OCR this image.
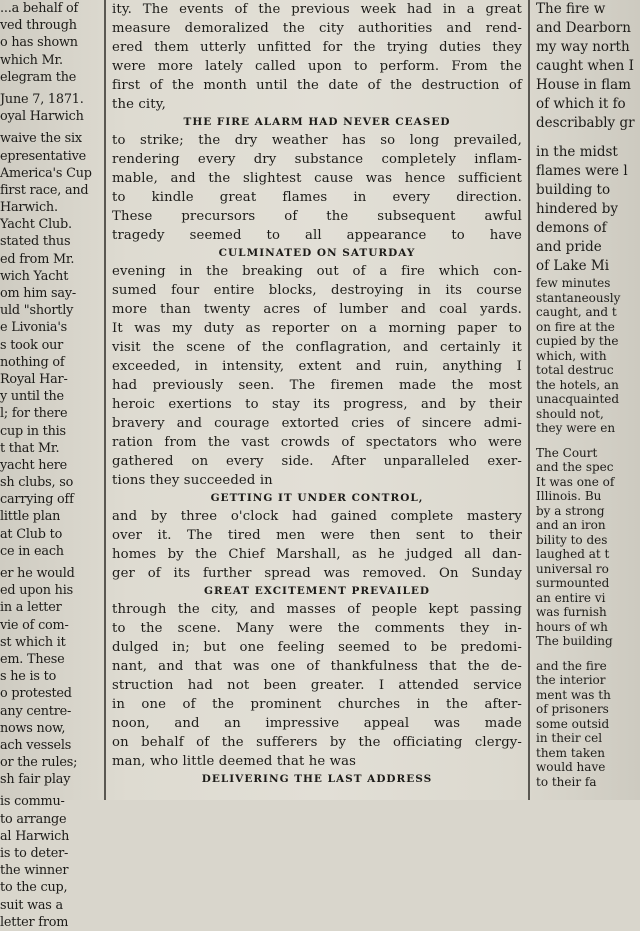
...a behalf of
ved through
o has shown
which Mr.
elegram the
June 7, 1871.
oyal Harwich
waive the six
epresentative
America's Cup
first race, and
Harwich.
Yacht Club.
stated thus
ed from Mr.
wich Yacht
om him say-
uld "shortly
e Livonia's
s took our
nothing of
Royal Har-
y until the
l; for there
cup in this
t that Mr.
yacht here
sh clubs, so
carrying off
little plan
at Club to
ce in each
er he would
ed upon his
in a letter
vie of com-
st which it
em. These
s he is to
o protested
any centre-
nows now,
ach vessels
or the rules;
sh fair play
is commu-
to arrange
al Harwich
is to deter-
the winner
to the cup,
suit was a
letter from
ity. The events of the previous week had in a great
measure demoralized the city authorities and rend-
ered them utterly unfitted for the trying duties they
were more lately called upon to perform. From the
first of the month until the date of the destruction of
the city,
THE FIRE ALARM HAD NEVER CEASED
to strike; the dry weather has so long prevailed,
rendering every dry substance completely inflam-
mable, and the slightest cause was hence sufficient
to kindle great flames in every direction.
These precursors of the subsequent awful
tragedy seemed to all appearance to have
CULMINATED ON SATURDAY
evening in the breaking out of a fire which con-
sumed four entire blocks, destroying in its course
more than twenty acres of lumber and coal yards.
It was my duty as reporter on a morning paper to
visit the scene of the conflagration, and certainly it
exceeded, in intensity, extent and ruin, anything I
had previously seen. The firemen made the most
heroic exertions to stay its progress, and by their
bravery and courage extorted cries of sincere admi-
ration from the vast crowds of spectators who were
gathered on every side. After unparalleled exer-
tions they succeeded in
GETTING IT UNDER CONTROL,
and by three o'clock had gained complete mastery
over it. The tired men were then sent to their
homes by the Chief Marshall, as he judged all dan-
ger of its further spread was removed. On Sunday
GREAT EXCITEMENT PREVAILED
through the city, and masses of people kept passing
to the scene. Many were the comments they in-
dulged in; but one feeling seemed to be predomi-
nant, and that was one of thankfulness that the de-
struction had not been greater. I attended service
in one of the prominent churches in the after-
noon, and an impressive appeal was made
on behalf of the sufferers by the officiating clergy-
man, who little deemed that he was
DELIVERING THE LAST ADDRESS
The fire w
and Dearborn
my way north
caught when I
House in flam
of which it fo
describably gr
in the midst
flames were l
building to
hindered by
demons of
and pride
of Lake Mi
few minutes
stantaneously
caught, and t
on fire at the
cupied by the
which, with
total destruc
the hotels, an
unacquainted
should not,
they were en
The Court
and the spec
It was one of
Illinois. Bu
by a strong
and an iron
bility to des
laughed at t
universal ro
surmounted
an entire vi
was furnish
hours of wh
The building
and the fire
the interior
ment was th
of prisoners
some outsid
in their cel
them taken
would have
to their fa
